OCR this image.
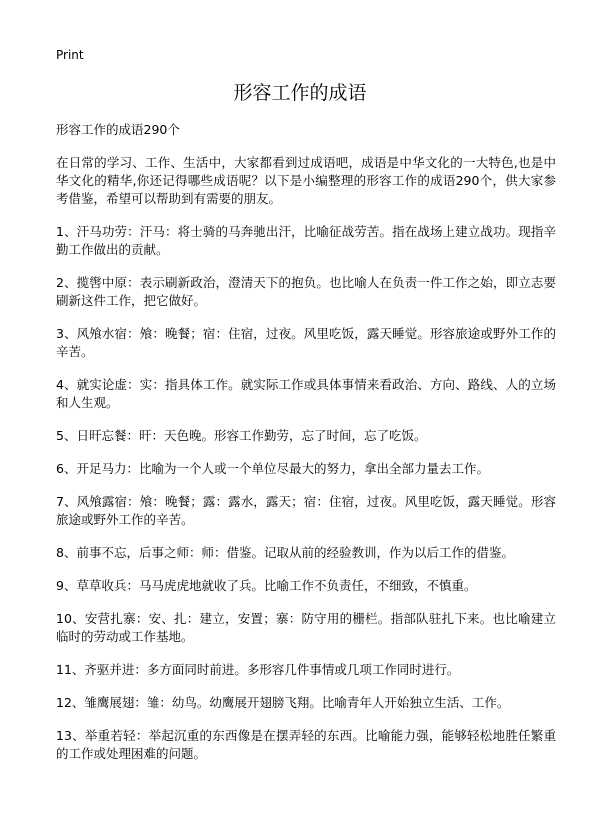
Print
形容工作的成语

形容工作的成语290个

在日常的学习、工作、生活中，大家都看到过成语吧，成语是中华文化的一大特色,也是中华文化的精华,你还记得哪些成语呢？以下是小编整理的形容工作的成语290个，供大家参考借鉴，希望可以帮助到有需要的朋友。

1、汗马功劳：汗马：将士骑的马奔驰出汗，比喻征战劳苦。指在战场上建立战功。现指辛勤工作做出的贡献。

2、揽辔中原：表示刷新政治，澄清天下的抱负。也比喻人在负责一件工作之始，即立志要刷新这件工作，把它做好。

3、风飧水宿：飧：晚餐；宿：住宿，过夜。风里吃饭，露天睡觉。形容旅途或野外工作的辛苦。

4、就实论虚：实：指具体工作。就实际工作或具体事情来看政治、方向、路线、人的立场和人生观。

5、日旰忘餐：旰：天色晚。形容工作勤劳，忘了时间，忘了吃饭。

6、开足马力：比喻为一个人或一个单位尽最大的努力，拿出全部力量去工作。

7、风飧露宿：飧：晚餐；露：露水，露天；宿：住宿，过夜。风里吃饭，露天睡觉。形容旅途或野外工作的辛苦。

8、前事不忘，后事之师：师：借鉴。记取从前的经验教训，作为以后工作的借鉴。

9、草草收兵：马马虎虎地就收了兵。比喻工作不负责任，不细致，不慎重。

10、安营扎寨：安、扎：建立，安置；寨：防守用的栅栏。指部队驻扎下来。也比喻建立临时的劳动或工作基地。

11、齐驱并进：多方面同时前进。多形容几件事情或几项工作同时进行。

12、雏鹰展翅：雏：幼鸟。幼鹰展开翅膀飞翔。比喻青年人开始独立生活、工作。

13、举重若轻：举起沉重的东西像是在摆弄轻的东西。比喻能力强，能够轻松地胜任繁重的工作或处理困难的问题。
